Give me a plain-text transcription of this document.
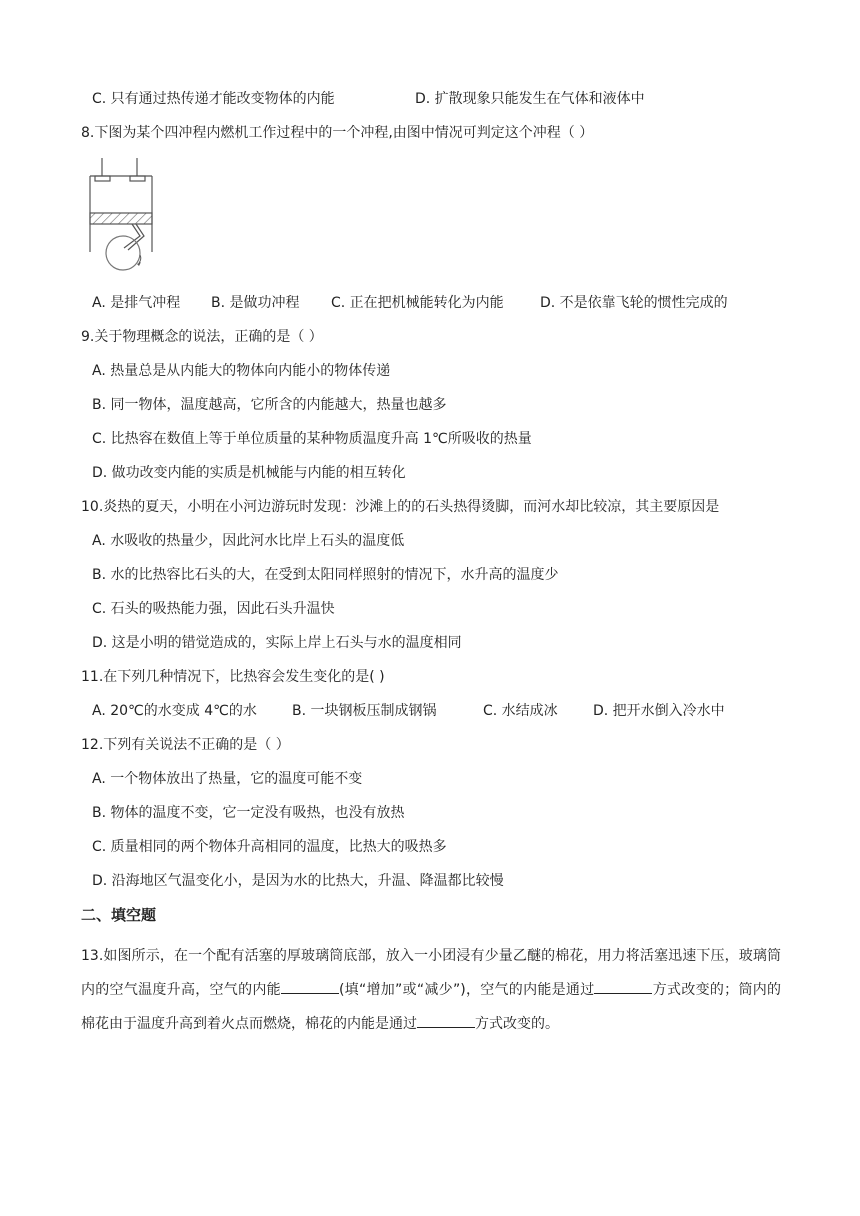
C. 只有通过热传递才能改变物体的内能	D. 扩散现象只能发生在气体和液体中
8.下图为某个四冲程内燃机工作过程中的一个冲程,由图中情况可判定这个冲程（ ）
A. 是排气冲程 B. 是做功冲程 C. 正在把机械能转化为内能	D. 不是依靠飞轮的惯性完成的
9.关于物理概念的说法，正确的是（ ）
A. 热量总是从内能大的物体向内能小的物体传递
B. 同一物体，温度越高，它所含的内能越大，热量也越多
C. 比热容在数值上等于单位质量的某种物质温度升高 1℃所吸收的热量
D. 做功改变内能的实质是机械能与内能的相互转化
10.炎热的夏天，小明在小河边游玩时发现：沙滩上的的石头热得烫脚，而河水却比较凉，其主要原因是
A. 水吸收的热量少，因此河水比岸上石头的温度低
B. 水的比热容比石头的大，在受到太阳同样照射的情况下，水升高的温度少
C. 石头的吸热能力强，因此石头升温快
D. 这是小明的错觉造成的，实际上岸上石头与水的温度相同
11.在下列几种情况下，比热容会发生变化的是( )
A. 20℃的水变成 4℃的水	B. 一块钢板压制成钢锅	C. 水结成冰	D. 把开水倒入冷水中
12.下列有关说法不正确的是（ ）
A. 一个物体放出了热量，它的温度可能不变
B. 物体的温度不变，它一定没有吸热，也没有放热
C. 质量相同的两个物体升高相同的温度，比热大的吸热多
D. 沿海地区气温变化小，是因为水的比热大，升温、降温都比较慢
二、填空题
13.如图所示，在一个配有活塞的厚玻璃筒底部，放入一小团浸有少量乙醚的棉花，用力将活塞迅速下压，玻璃筒内的空气温度升高，空气的内能	(填“增加”或“减少”)，空气的内能是通过	方式改变的；筒内的棉花由于温度升高到着火点而燃烧，棉花的内能是通过	方式改变的。
